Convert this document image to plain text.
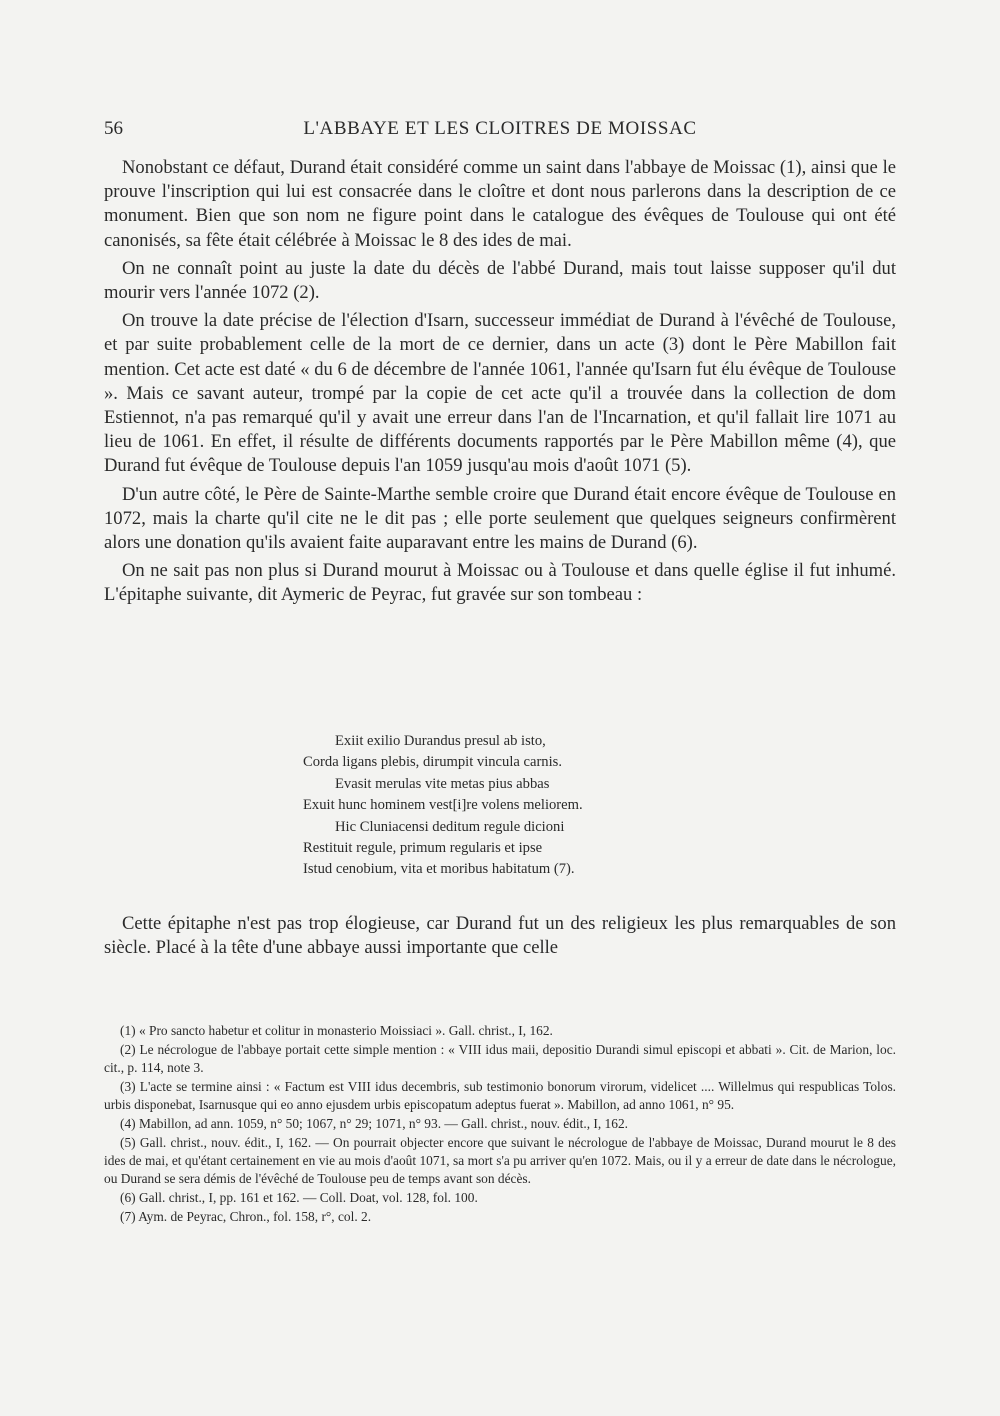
56	L'ABBAYE ET LES CLOITRES DE MOISSAC

Nonobstant ce défaut, Durand était considéré comme un saint dans l'abbaye de Moissac (1), ainsi que le prouve l'inscription qui lui est consacrée dans le cloître et dont nous parlerons dans la description de ce monument. Bien que son nom ne figure point dans le catalogue des évêques de Toulouse qui ont été canonisés, sa fête était célébrée à Moissac le 8 des ides de mai.

On ne connaît point au juste la date du décès de l'abbé Durand, mais tout laisse supposer qu'il dut mourir vers l'année 1072 (2).

On trouve la date précise de l'élection d'Isarn, successeur immédiat de Durand à l'évêché de Toulouse, et par suite probablement celle de la mort de ce dernier, dans un acte (3) dont le Père Mabillon fait mention. Cet acte est daté « du 6 de décembre de l'année 1061, l'année qu'Isarn fut élu évêque de Toulouse ». Mais ce savant auteur, trompé par la copie de cet acte qu'il a trouvée dans la collection de dom Estiennot, n'a pas remarqué qu'il y avait une erreur dans l'an de l'Incarnation, et qu'il fallait lire 1071 au lieu de 1061. En effet, il résulte de différents documents rapportés par le Père Mabillon même (4), que Durand fut évêque de Toulouse depuis l'an 1059 jusqu'au mois d'août 1071 (5).

D'un autre côté, le Père de Sainte-Marthe semble croire que Durand était encore évêque de Toulouse en 1072, mais la charte qu'il cite ne le dit pas ; elle porte seulement que quelques seigneurs confirmèrent alors une donation qu'ils avaient faite auparavant entre les mains de Durand (6).

On ne sait pas non plus si Durand mourut à Moissac ou à Toulouse et dans quelle église il fut inhumé. L'épitaphe suivante, dit Aymeric de Peyrac, fut gravée sur son tombeau :

Exiit exilio Durandus presul ab isto,
Corda ligans plebis, dirumpit vincula carnis.
Evasit merulas vite metas pius abbas
Exuit hunc hominem vest[i]re volens meliorem.
Hic Cluniacensi deditum regule dicioni
Restituit regule, primum regularis et ipse
Istud cenobium, vita et moribus habitatum (7).

Cette épitaphe n'est pas trop élogieuse, car Durand fut un des religieux les plus remarquables de son siècle. Placé à la tête d'une abbaye aussi importante que celle

(1) « Pro sancto habetur et colitur in monasterio Moissiaci ». Gall. christ., I, 162.

(2) Le nécrologue de l'abbaye portait cette simple mention : « VIII idus maii, depositio Durandi simul episcopi et abbati ». Cit. de Marion, loc. cit., p. 114, note 3.

(3) L'acte se termine ainsi : « Factum est VIII idus decembris, sub testimonio bonorum virorum, videlicet .... Willelmus qui respublicas Tolos. urbis disponebat, Isarnusque qui eo anno ejusdem urbis episcopatum adeptus fuerat ». Mabillon, ad anno 1061, n° 95.

(4) Mabillon, ad ann. 1059, n° 50; 1067, n° 29; 1071, n° 93. — Gall. christ., nouv. édit., I, 162.

(5) Gall. christ., nouv. édit., I, 162. — On pourrait objecter encore que suivant le nécrologue de l'abbaye de Moissac, Durand mourut le 8 des ides de mai, et qu'étant certainement en vie au mois d'août 1071, sa mort s'a pu arriver qu'en 1072. Mais, ou il y a erreur de date dans le nécrologue, ou Durand se sera démis de l'évêché de Toulouse peu de temps avant son décès.

(6) Gall. christ., I, pp. 161 et 162. — Coll. Doat, vol. 128, fol. 100.

(7) Aym. de Peyrac, Chron., fol. 158, r°, col. 2.
